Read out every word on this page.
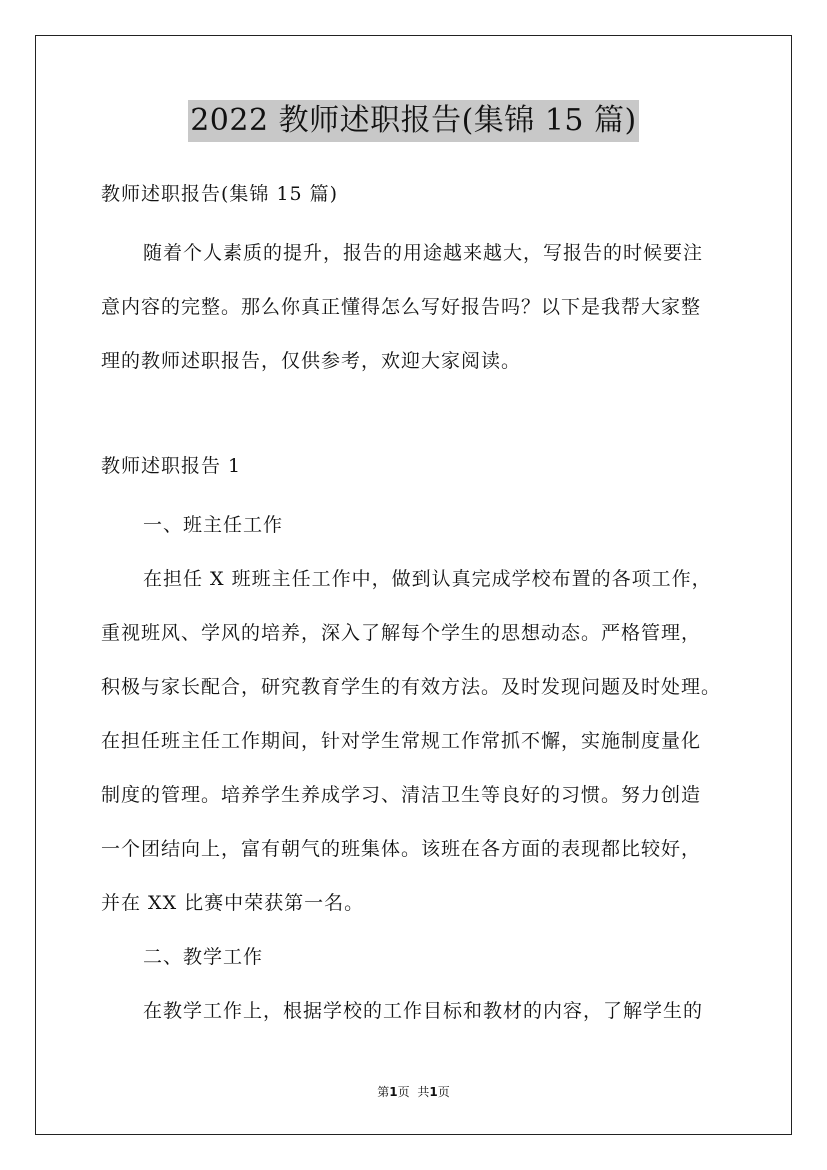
2022 教师述职报告(集锦 15 篇)

教师述职报告(集锦 15 篇)

随着个人素质的提升，报告的用途越来越大，写报告的时候要注

意内容的完整。那么你真正懂得怎么写好报告吗？以下是我帮大家整

理的教师述职报告，仅供参考，欢迎大家阅读。

教师述职报告 1

一、班主任工作

在担任 X 班班主任工作中，做到认真完成学校布置的各项工作，

重视班风、学风的培养，深入了解每个学生的思想动态。严格管理，

积极与家长配合，研究教育学生的有效方法。及时发现问题及时处理。

在担任班主任工作期间，针对学生常规工作常抓不懈，实施制度量化

制度的管理。培养学生养成学习、清洁卫生等良好的习惯。努力创造

一个团结向上，富有朝气的班集体。该班在各方面的表现都比较好，

并在 XX 比赛中荣获第一名。

二、教学工作

在教学工作上，根据学校的工作目标和教材的内容，了解学生的

第1页 共1页
